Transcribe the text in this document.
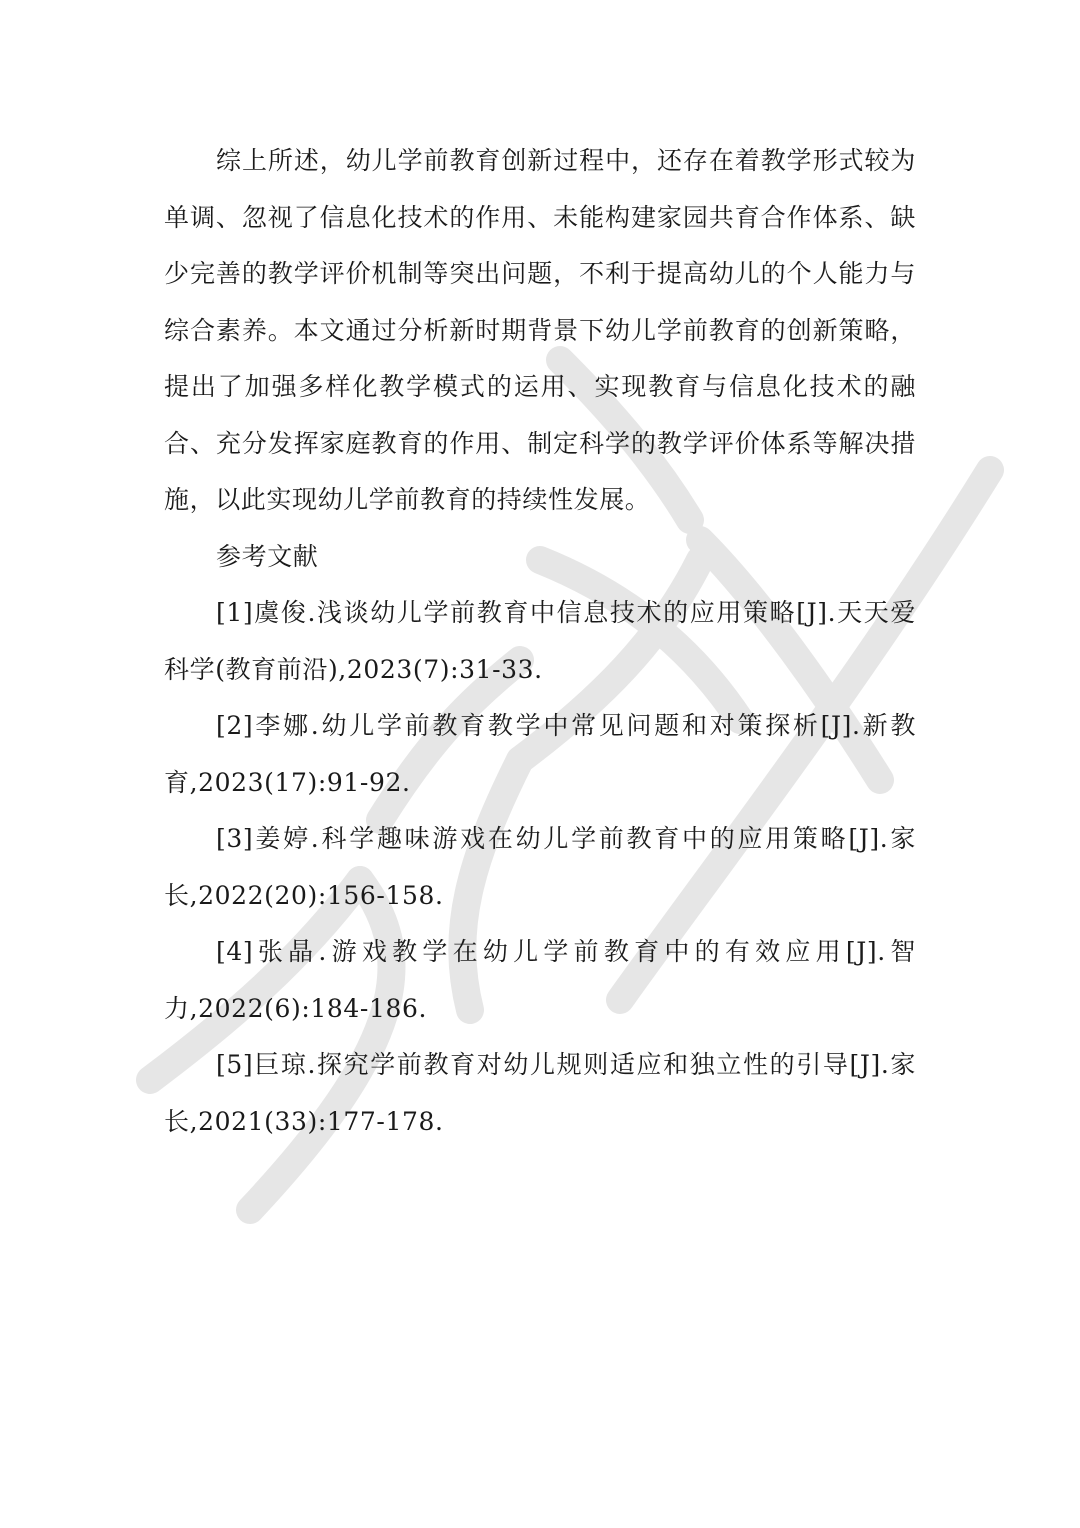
综上所述，幼儿学前教育创新过程中，还存在着教学形式较为单调、忽视了信息化技术的作用、未能构建家园共育合作体系、缺少完善的教学评价机制等突出问题，不利于提高幼儿的个人能力与综合素养。本文通过分析新时期背景下幼儿学前教育的创新策略，提出了加强多样化教学模式的运用、实现教育与信息化技术的融合、充分发挥家庭教育的作用、制定科学的教学评价体系等解决措施，以此实现幼儿学前教育的持续性发展。

参考文献

[1]虞俊.浅谈幼儿学前教育中信息技术的应用策略[J].天天爱科学(教育前沿),2023(7):31-33.

[2]李娜.幼儿学前教育教学中常见问题和对策探析[J].新教育,2023(17):91-92.

[3]姜婷.科学趣味游戏在幼儿学前教育中的应用策略[J].家长,2022(20):156-158.

[4]张晶.游戏教学在幼儿学前教育中的有效应用[J].智力,2022(6):184-186.

[5]巨琼.探究学前教育对幼儿规则适应和独立性的引导[J].家长,2021(33):177-178.
